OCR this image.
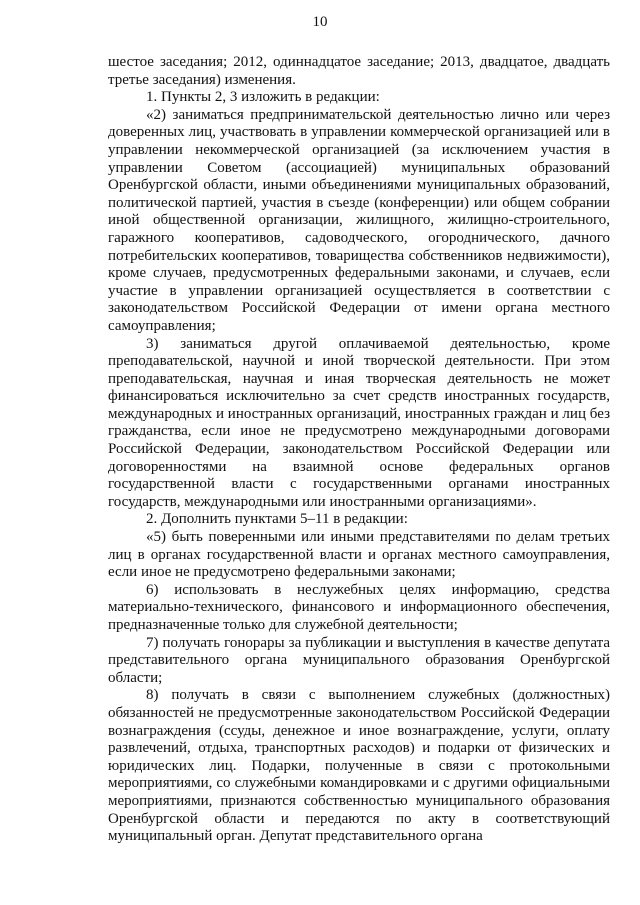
10

шестое заседания; 2012, одиннадцатое заседание; 2013, двадцатое, двадцать третье заседания) изменения.

1. Пункты 2, 3 изложить в редакции:

«2) заниматься предпринимательской деятельностью лично или через доверенных лиц, участвовать в управлении коммерческой организацией или в управлении некоммерческой организацией (за исключением участия в управлении Советом (ассоциацией) муниципальных образований Оренбургской области, иными объединениями муниципальных образований, политической партией, участия в съезде (конференции) или общем собрании иной общественной организации, жилищного, жилищно-строительного, гаражного кооперативов, садоводческого, огороднического, дачного потребительских кооперативов, товарищества собственников недвижимости), кроме случаев, предусмотренных федеральными законами, и случаев, если участие в управлении организацией осуществляется в соответствии с законодательством Российской Федерации от имени органа местного самоуправления;

3) заниматься другой оплачиваемой деятельностью, кроме преподавательской, научной и иной творческой деятельности. При этом преподавательская, научная и иная творческая деятельность не может финансироваться исключительно за счет средств иностранных государств, международных и иностранных организаций, иностранных граждан и лиц без гражданства, если иное не предусмотрено международными договорами Российской Федерации, законодательством Российской Федерации или договоренностями на взаимной основе федеральных органов государственной власти с государственными органами иностранных государств, международными или иностранными организациями».

2. Дополнить пунктами 5–11 в редакции:

«5) быть поверенными или иными представителями по делам третьих лиц в органах государственной власти и органах местного самоуправления, если иное не предусмотрено федеральными законами;

6) использовать в неслужебных целях информацию, средства материально-технического, финансового и информационного обеспечения, предназначенные только для служебной деятельности;

7) получать гонорары за публикации и выступления в качестве депутата представительного органа муниципального образования Оренбургской области;

8) получать в связи с выполнением служебных (должностных) обязанностей не предусмотренные законодательством Российской Федерации вознаграждения (ссуды, денежное и иное вознаграждение, услуги, оплату развлечений, отдыха, транспортных расходов) и подарки от физических и юридических лиц. Подарки, полученные в связи с протокольными мероприятиями, со служебными командировками и с другими официальными мероприятиями, признаются собственностью муниципального образования Оренбургской области и передаются по акту в соответствующий муниципальный орган. Депутат представительного органа
